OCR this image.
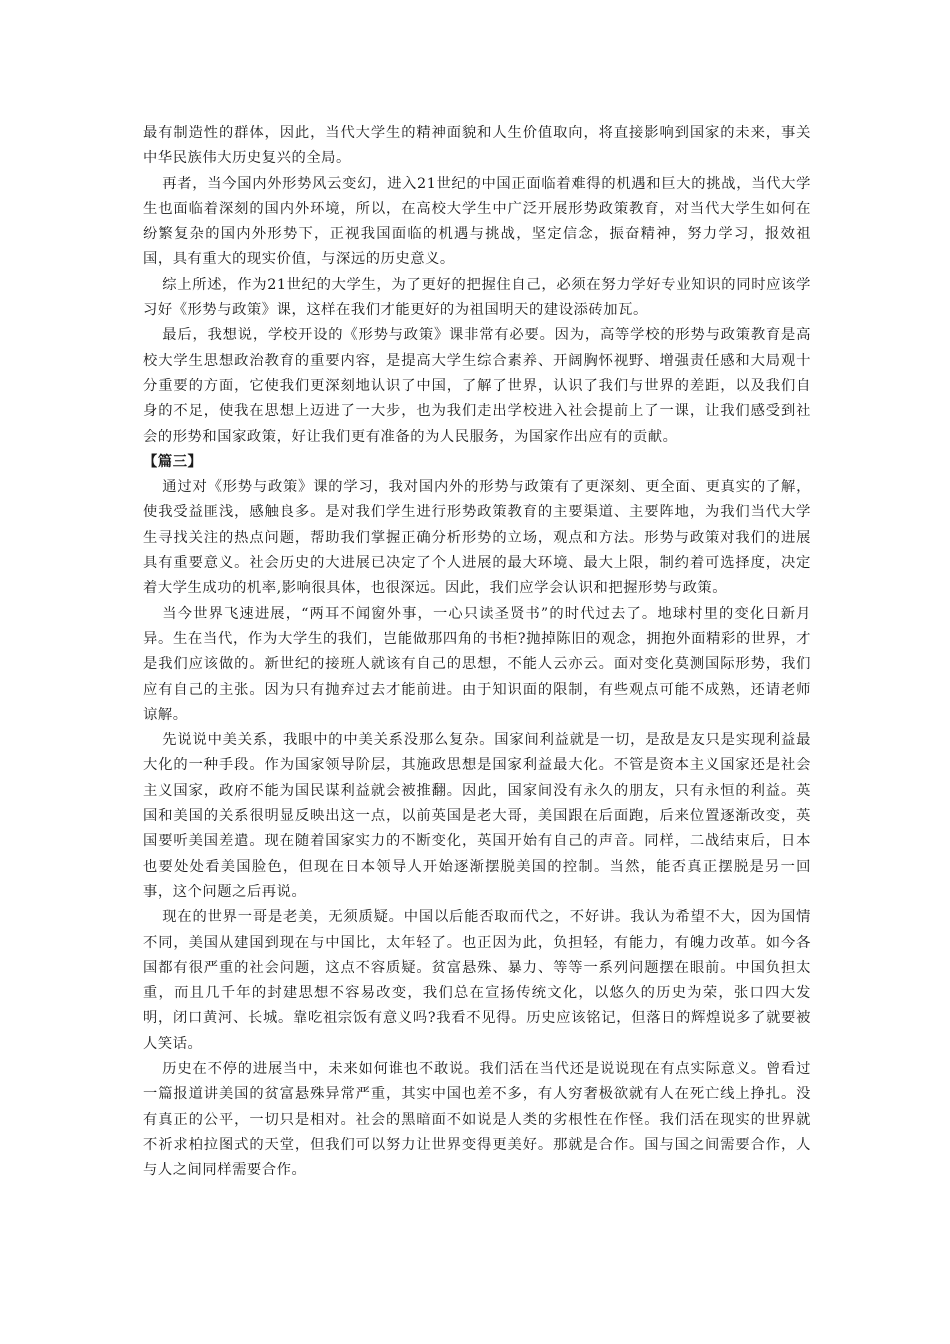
最有制造性的群体，因此，当代大学生的精神面貌和人生价值取向，将直接影响到国家的未来，事关中华民族伟大历史复兴的全局。

再者，当今国内外形势风云变幻，进入21世纪的中国正面临着难得的机遇和巨大的挑战，当代大学生也面临着深刻的国内外环境，所以，在高校大学生中广泛开展形势政策教育，对当代大学生如何在纷繁复杂的国内外形势下，正视我国面临的机遇与挑战，坚定信念，振奋精神，努力学习，报效祖国，具有重大的现实价值，与深远的历史意义。

综上所述，作为21世纪的大学生，为了更好的把握住自己，必须在努力学好专业知识的同时应该学习好《形势与政策》课，这样在我们才能更好的为祖国明天的建设添砖加瓦。

最后，我想说，学校开设的《形势与政策》课非常有必要。因为，高等学校的形势与政策教育是高校大学生思想政治教育的重要内容，是提高大学生综合素养、开阔胸怀视野、增强责任感和大局观十分重要的方面，它使我们更深刻地认识了中国，了解了世界，认识了我们与世界的差距，以及我们自身的不足，使我在思想上迈进了一大步，也为我们走出学校进入社会提前上了一课，让我们感受到社会的形势和国家政策，好让我们更有准备的为人民服务，为国家作出应有的贡献。

【篇三】

通过对《形势与政策》课的学习，我对国内外的形势与政策有了更深刻、更全面、更真实的了解，使我受益匪浅，感触良多。是对我们学生进行形势政策教育的主要渠道、主要阵地，为我们当代大学生寻找关注的热点问题，帮助我们掌握正确分析形势的立场，观点和方法。形势与政策对我们的进展具有重要意义。社会历史的大进展已决定了个人进展的最大环境、最大上限，制约着可选择度，决定着大学生成功的机率,影响很具体，也很深远。因此，我们应学会认识和把握形势与政策。

当今世界飞速进展，“两耳不闻窗外事，一心只读圣贤书”的时代过去了。地球村里的变化日新月异。生在当代，作为大学生的我们，岂能做那四角的书柜?抛掉陈旧的观念，拥抱外面精彩的世界，才是我们应该做的。新世纪的接班人就该有自己的思想，不能人云亦云。面对变化莫测国际形势，我们应有自己的主张。因为只有抛弃过去才能前进。由于知识面的限制，有些观点可能不成熟，还请老师谅解。

先说说中美关系，我眼中的中美关系没那么复杂。国家间利益就是一切，是敌是友只是实现利益最大化的一种手段。作为国家领导阶层，其施政思想是国家利益最大化。不管是资本主义国家还是社会主义国家，政府不能为国民谋利益就会被推翻。因此，国家间没有永久的朋友，只有永恒的利益。英国和美国的关系很明显反映出这一点，以前英国是老大哥，美国跟在后面跑，后来位置逐渐改变，英国要听美国差遣。现在随着国家实力的不断变化，英国开始有自己的声音。同样，二战结束后，日本也要处处看美国脸色，但现在日本领导人开始逐渐摆脱美国的控制。当然，能否真正摆脱是另一回事，这个问题之后再说。

现在的世界一哥是老美，无须质疑。中国以后能否取而代之，不好讲。我认为希望不大，因为国情不同，美国从建国到现在与中国比，太年轻了。也正因为此，负担轻，有能力，有魄力改革。如今各国都有很严重的社会问题，这点不容质疑。贫富悬殊、暴力、等等一系列问题摆在眼前。中国负担太重，而且几千年的封建思想不容易改变，我们总在宣扬传统文化，以悠久的历史为荣，张口四大发明，闭口黄河、长城。靠吃祖宗饭有意义吗?我看不见得。历史应该铭记，但落日的辉煌说多了就要被人笑话。

历史在不停的进展当中，未来如何谁也不敢说。我们活在当代还是说说现在有点实际意义。曾看过一篇报道讲美国的贫富悬殊异常严重，其实中国也差不多，有人穷奢极欲就有人在死亡线上挣扎。没有真正的公平，一切只是相对。社会的黑暗面不如说是人类的劣根性在作怪。我们活在现实的世界就不祈求柏拉图式的天堂，但我们可以努力让世界变得更美好。那就是合作。国与国之间需要合作，人与人之间同样需要合作。
